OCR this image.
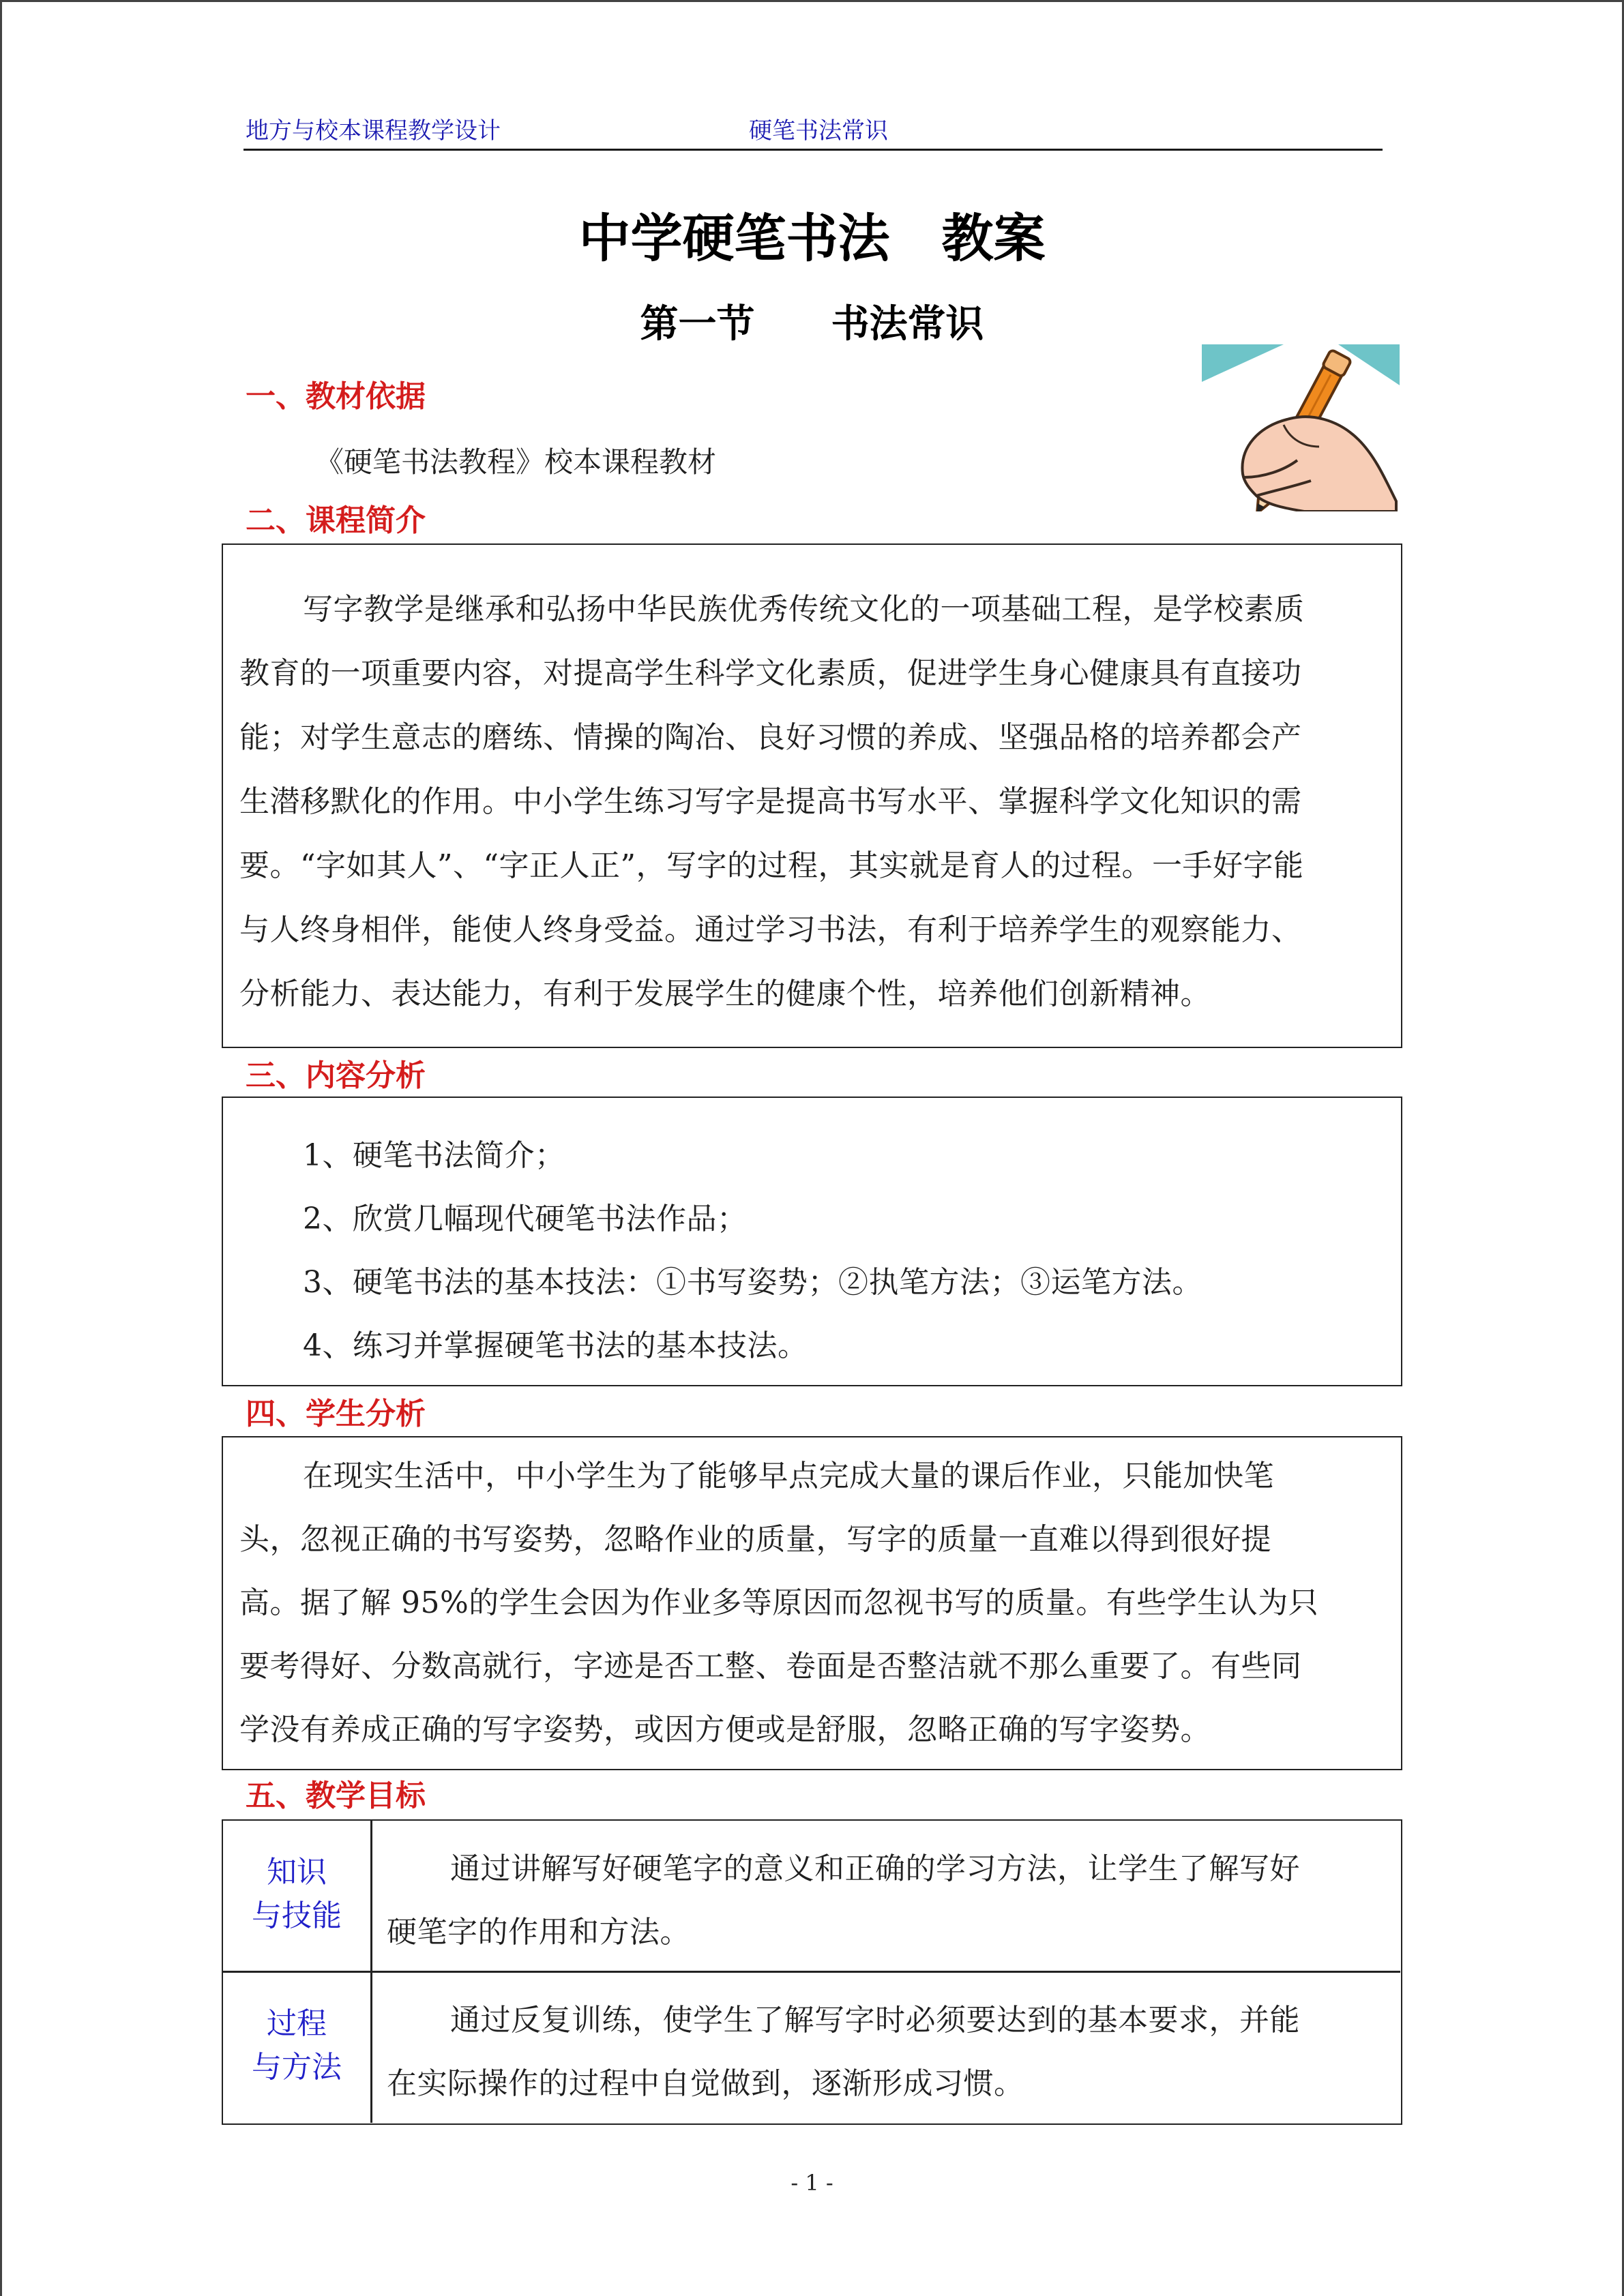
地方与校本课程教学设计	硬笔书法常识
中学硬笔书法　教案
第一节　　书法常识
一、教材依据
《硬笔书法教程》校本课程教材
二、课程简介
写字教学是继承和弘扬中华民族优秀传统文化的一项基础工程，是学校素质
教育的一项重要内容，对提高学生科学文化素质，促进学生身心健康具有直接功
能；对学生意志的磨练、情操的陶冶、良好习惯的养成、坚强品格的培养都会产
生潜移默化的作用。中小学生练习写字是提高书写水平、掌握科学文化知识的需
要。“字如其人”、“字正人正”，写字的过程，其实就是育人的过程。一手好字能
与人终身相伴，能使人终身受益。通过学习书法，有利于培养学生的观察能力、
分析能力、表达能力，有利于发展学生的健康个性，培养他们创新精神。
三、内容分析
1、硬笔书法简介；
2、欣赏几幅现代硬笔书法作品；
3、硬笔书法的基本技法：①书写姿势；②执笔方法；③运笔方法。
4、练习并掌握硬笔书法的基本技法。
四、学生分析
在现实生活中，中小学生为了能够早点完成大量的课后作业，只能加快笔
头，忽视正确的书写姿势，忽略作业的质量，写字的质量一直难以得到很好提
高。据了解 95%的学生会因为作业多等原因而忽视书写的质量。有些学生认为只
要考得好、分数高就行，字迹是否工整、卷面是否整洁就不那么重要了。有些同
学没有养成正确的写字姿势，或因方便或是舒服，忽略正确的写字姿势。
五、教学目标
知识
与技能
通过讲解写好硬笔字的意义和正确的学习方法，让学生了解写好
硬笔字的作用和方法。
过程
与方法
通过反复训练，使学生了解写字时必须要达到的基本要求，并能
在实际操作的过程中自觉做到，逐渐形成习惯。
- 1 -
